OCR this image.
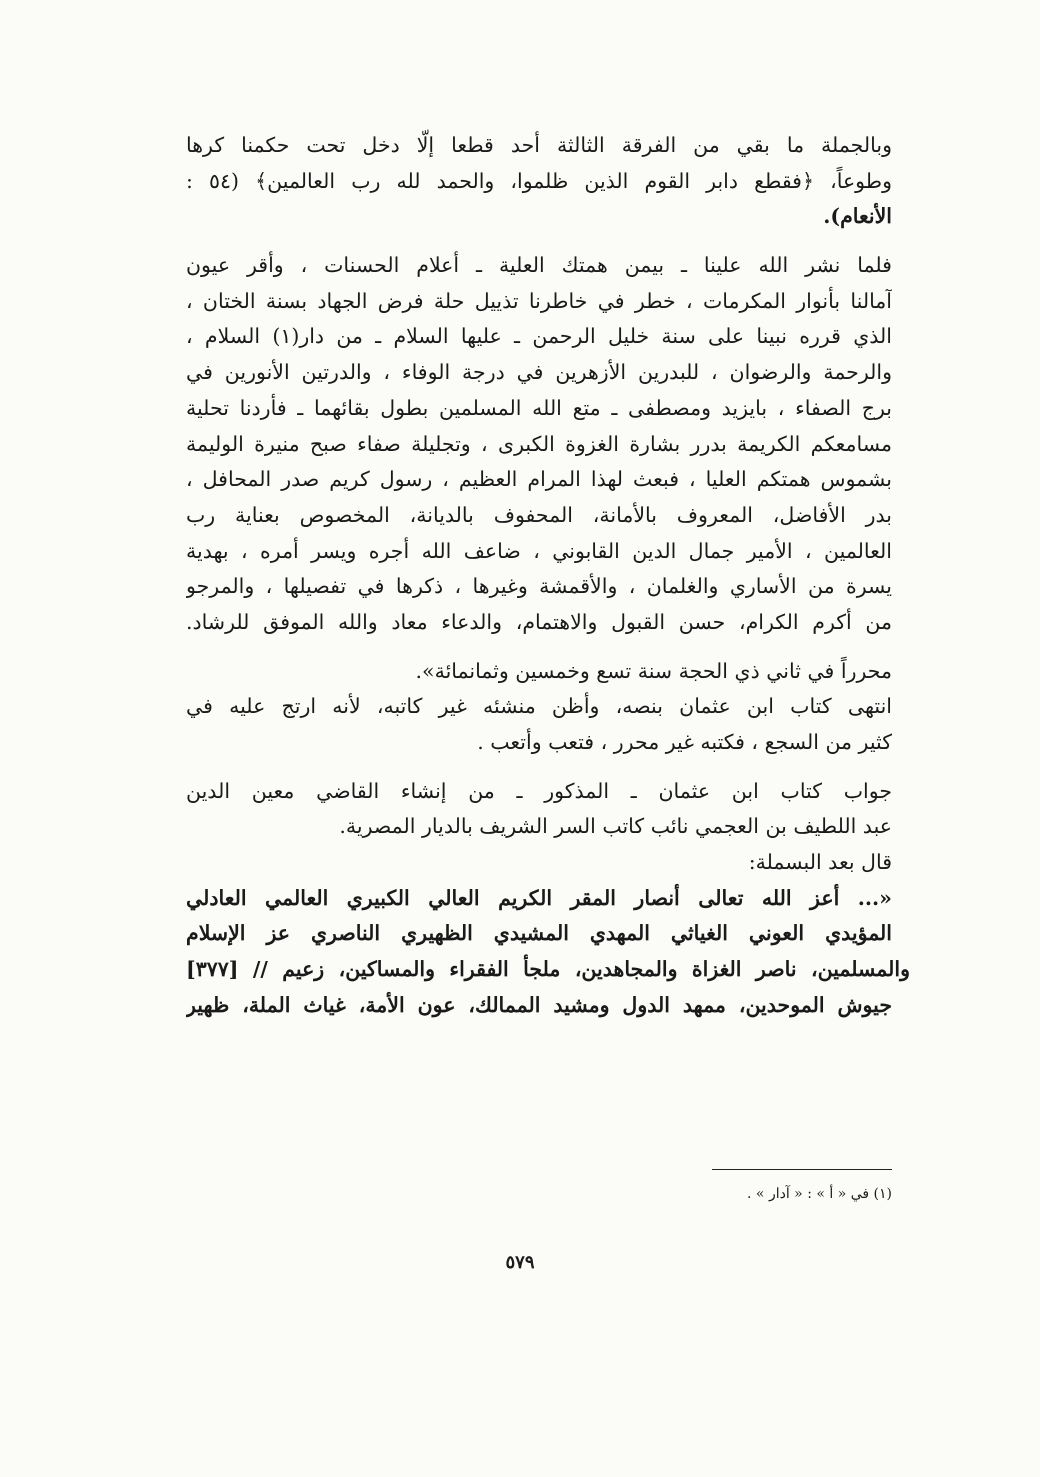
وبالجملة ما بقي من الفرقة الثالثة أحد قطعا إلّا دخل تحت حكمنا كرها
وطوعاً، ﴿فقطع دابر القوم الذين ظلموا، والحمد لله رب العالمين﴾ (٥٤ :
الأنعام).
فلما نشر الله علينا ـ بيمن همتك العلية ـ أعلام الحسنات ، وأقر عيون
آمالنا بأنوار المكرمات ، خطر في خاطرنا تذييل حلة فرض الجهاد بسنة الختان ،
الذي قرره نبينا على سنة خليل الرحمن ـ عليها السلام ـ من دار(١) السلام ،
والرحمة والرضوان ، للبدرين الأزهرين في درجة الوفاء ، والدرتين الأنورين في
برج الصفاء ، بايزيد ومصطفى ـ متع الله المسلمين بطول بقائهما ـ فأردنا تحلية
مسامعكم الكريمة بدرر بشارة الغزوة الكبرى ، وتجليلة صفاء صبح منيرة الوليمة
بشموس همتكم العليا ، فبعث لهذا المرام العظيم ، رسول كريم صدر المحافل ،
بدر الأفاضل، المعروف بالأمانة، المحفوف بالديانة، المخصوص بعناية رب
العالمين ، الأمير جمال الدين القابوني ، ضاعف الله أجره ويسر أمره ، بهدية
يسرة من الأساري والغلمان ، والأقمشة وغيرها ، ذكرها في تفصيلها ، والمرجو
من أكرم الكرام، حسن القبول والاهتمام، والدعاء معاد والله الموفق للرشاد.
محرراً في ثاني ذي الحجة سنة تسع وخمسين وثمانمائة».
انتهى كتاب ابن عثمان بنصه، وأظن منشئه غير كاتبه، لأنه ارتج عليه في
كثير من السجع ، فكتبه غير محرر ، فتعب وأتعب .
جواب كتاب ابن عثمان ـ المذكور ـ من إنشاء القاضي معين الدين
عبد اللطيف بن العجمي نائب كاتب السر الشريف بالديار المصرية.
قال بعد البسملة:
«... أعز الله تعالى أنصار المقر الكريم العالي الكبيري العالمي العادلي
المؤيدي العوني الغياثي المهدي المشيدي الظهيري الناصري عز الإسلام
والمسلمين، ناصر الغزاة والمجاهدين، ملجأ الفقراء والمساكين، زعيم // [٣٧٧]
جيوش الموحدين، ممهد الدول ومشيد الممالك، عون الأمة، غياث الملة، ظهير
(١) في « أ » : « آدار » .
٥٧٩
